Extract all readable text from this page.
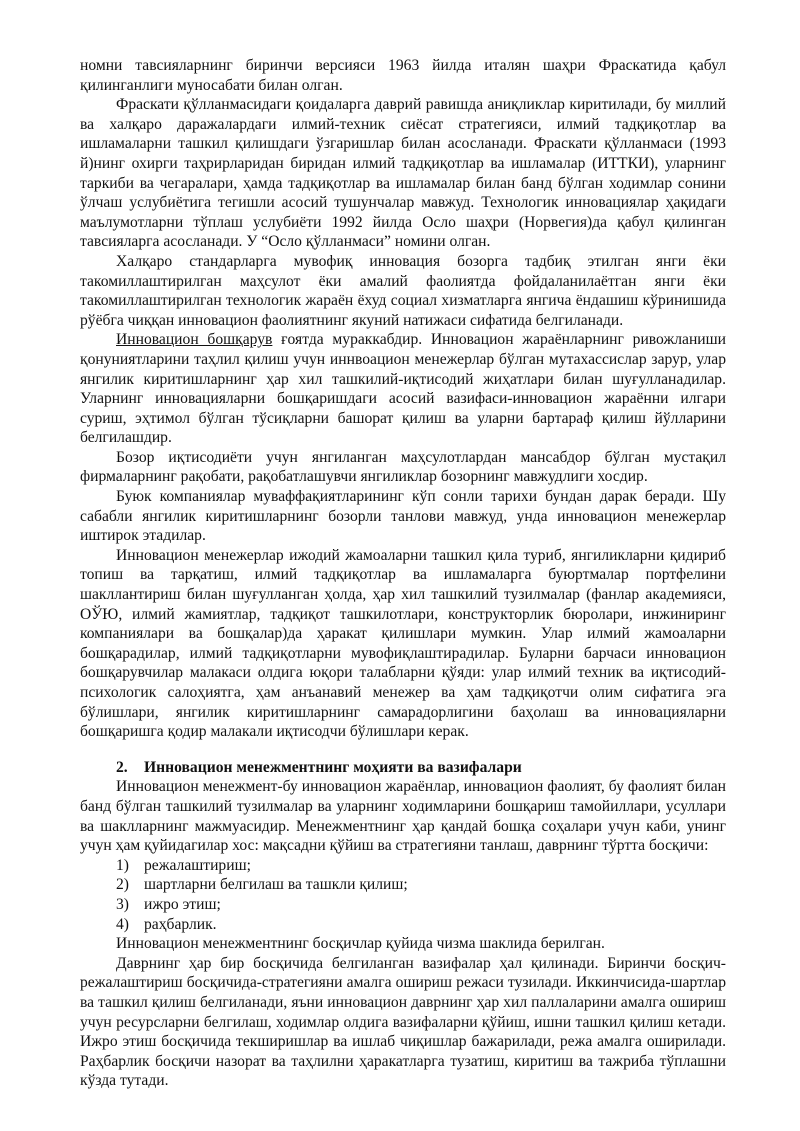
номни тавсияларнинг биринчи версияси 1963 йилда италян шаҳри Фраскатида қабул қилинганлиги муносабати билан олган.

Фраскати қўлланмасидаги қоидаларга даврий равишда аниқликлар киритилади, бу миллий ва халқаро даражалардаги илмий-техник сиёсат стратегияси, илмий тадқиқотлар ва ишламаларни ташкил қилишдаги ўзгаришлар билан асосланади. Фраскати қўлланмаси (1993 й)нинг охирги таҳрирларидан биридан илмий тадқиқотлар ва ишламалар (ИТТКИ), уларнинг таркиби ва чегаралари, ҳамда тадқиқотлар ва ишламалар билан банд бўлган ходимлар сонини ўлчаш услубиётига тегишли асосий тушунчалар мавжуд. Технологик инновациялар ҳақидаги маълумотларни тўплаш услубиёти 1992 йилда Осло шаҳри (Норвегия)да қабул қилинган тавсияларга асосланади. У “Осло қўлланмаси” номини олган.

Халқаро стандарларга мувофиқ инновация бозорга тадбиқ этилган янги ёки такомиллаштирилган маҳсулот ёки амалий фаолиятда фойдаланилаётган янги ёки такомиллаштирилган технологик жараён ёхуд социал хизматларга янгича ёндашиш кўринишида рўёбга чиққан инновацион фаолиятнинг якуний натижаси сифатида белгиланади.

Инновацион бошқарув ғоятда мураккабдир. Инновацион жараёнларнинг ривожланиши қонуниятларини таҳлил қилиш учун иннвоацион менежерлар бўлган мутахассислар зарур, улар янгилик киритишларнинг ҳар хил ташкилий-иқтисодий жиҳатлари билан шуғулланадилар. Уларнинг инновацияларни бошқаришдаги асосий вазифаси-инновацион жараённи илгари суриш, эҳтимол бўлган тўсиқларни башорат қилиш ва уларни бартараф қилиш йўлларини белгилашдир.

Бозор иқтисодиёти учун янгиланган маҳсулотлардан мансабдор бўлган мустақил фирмаларнинг рақобати, рақобатлашувчи янгиликлар бозорнинг мавжудлиги хосдир.

Буюк компаниялар муваффақиятларининг кўп сонли тарихи бундан дарак беради. Шу сабабли янгилик киритишларнинг бозорли танлови мавжуд, унда инновацион менежерлар иштирок этадилар.

Инновацион менежерлар ижодий жамоаларни ташкил қила туриб, янгиликларни қидириб топиш ва тарқатиш, илмий тадқиқотлар ва ишламаларга буюртмалар портфелини шакллантириш билан шуғулланган ҳолда, ҳар хил ташкилий тузилмалар (фанлар академияси, ОЎЮ, илмий жамиятлар, тадқиқот ташкилотлари, конструкторлик бюролари, инжиниринг компаниялари ва бошқалар)да ҳаракат қилишлари мумкин. Улар илмий жамоаларни бошқарадилар, илмий тадқиқотларни мувофиқлаштирадилар. Буларни барчаси инновацион бошқарувчилар малакаси олдига юқори талабларни қўяди: улар илмий техник ва иқтисодий-психологик салоҳиятга, ҳам анъанавий менежер ва ҳам тадқиқотчи олим сифатига эга бўлишлари, янгилик киритишларнинг самарадорлигини баҳолаш ва инновацияларни бошқаришга қодир малакали иқтисодчи бўлишлари керак.

2. Инновацион менежментнинг моҳияти ва вазифалари

Инновацион менежмент-бу инновацион жараёнлар, инновацион фаолият, бу фаолият билан банд бўлган ташкилий тузилмалар ва уларнинг ходимларини бошқариш тамойиллари, усуллари ва шаклларнинг мажмуасидир. Менежментнинг ҳар қандай бошқа соҳалари учун каби, унинг учун ҳам қуйидагилар хос: мақсадни қўйиш ва стратегияни танлаш, даврнинг тўртта босқичи:

1) режалаштириш;
2) шартларни белгилаш ва ташкли қилиш;
3) ижро этиш;
4) раҳбарлик.

Инновацион менежментнинг босқичлар қуйида чизма шаклида берилган.

Даврнинг ҳар бир босқичида белгиланган вазифалар ҳал қилинади. Биринчи босқич-режалаштириш босқичида-стратегияни амалга ошириш режаси тузилади. Иккинчисида-шартлар ва ташкил қилиш белгиланади, яъни инновацион даврнинг ҳар хил паллаларини амалга ошириш учун ресурсларни белгилаш, ходимлар олдига вазифаларни қўйиш, ишни ташкил қилиш кетади. Ижро этиш босқичида текширишлар ва ишлаб чиқишлар бажарилади, режа амалга оширилади. Раҳбарлик босқичи назорат ва таҳлилни ҳаракатларга тузатиш, киритиш ва тажриба тўплашни кўзда тутади.
